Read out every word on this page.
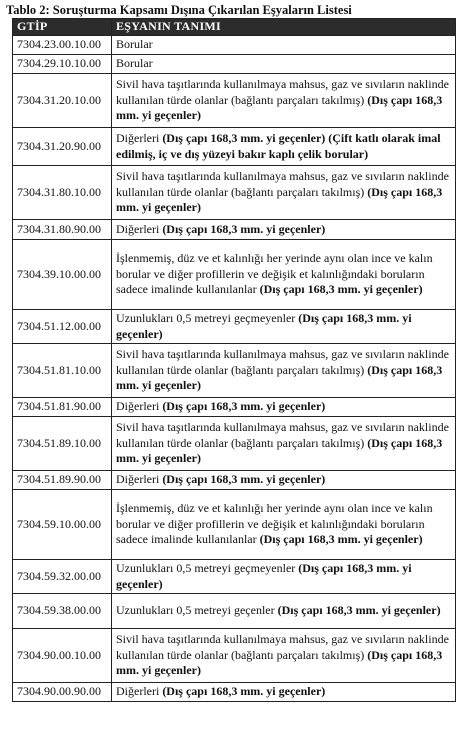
Tablo 2: Soruşturma Kapsamı Dışına Çıkarılan Eşyaların Listesi
GTİP	EŞYANIN TANIMI
7304.23.00.10.00	Borular
7304.29.10.10.00	Borular
7304.31.20.10.00	Sivil hava taşıtlarında kullanılmaya mahsus, gaz ve sıvıların naklinde kullanılan türde olanlar (bağlantı parçaları takılmış) (Dış çapı 168,3 mm. yi geçenler)
7304.31.20.90.00	Diğerleri (Dış çapı 168,3 mm. yi geçenler) (Çift katlı olarak imal edilmiş, iç ve dış yüzeyi bakır kaplı çelik borular)
7304.31.80.10.00	Sivil hava taşıtlarında kullanılmaya mahsus, gaz ve sıvıların naklinde kullanılan türde olanlar (bağlantı parçaları takılmış) (Dış çapı 168,3 mm. yi geçenler)
7304.31.80.90.00	Diğerleri (Dış çapı 168,3 mm. yi geçenler)
7304.39.10.00.00	İşlenmemiş, düz ve et kalınlığı her yerinde aynı olan ince ve kalın borular ve diğer profillerin ve değişik et kalınlığındaki boruların sadece imalinde kullanılanlar (Dış çapı 168,3 mm. yi geçenler)
7304.51.12.00.00	Uzunlukları 0,5 metreyi geçmeyenler (Dış çapı 168,3 mm. yi geçenler)
7304.51.81.10.00	Sivil hava taşıtlarında kullanılmaya mahsus, gaz ve sıvıların naklinde kullanılan türde olanlar (bağlantı parçaları takılmış) (Dış çapı 168,3 mm. yi geçenler)
7304.51.81.90.00	Diğerleri (Dış çapı 168,3 mm. yi geçenler)
7304.51.89.10.00	Sivil hava taşıtlarında kullanılmaya mahsus, gaz ve sıvıların naklinde kullanılan türde olanlar (bağlantı parçaları takılmış) (Dış çapı 168,3 mm. yi geçenler)
7304.51.89.90.00	Diğerleri (Dış çapı 168,3 mm. yi geçenler)
7304.59.10.00.00	İşlenmemiş, düz ve et kalınlığı her yerinde aynı olan ince ve kalın borular ve diğer profillerin ve değişik et kalınlığındaki boruların sadece imalinde kullanılanlar (Dış çapı 168,3 mm. yi geçenler)
7304.59.32.00.00	Uzunlukları 0,5 metreyi geçmeyenler (Dış çapı 168,3 mm. yi geçenler)
7304.59.38.00.00	Uzunlukları 0,5 metreyi geçenler (Dış çapı 168,3 mm. yi geçenler)
7304.90.00.10.00	Sivil hava taşıtlarında kullanılmaya mahsus, gaz ve sıvıların naklinde kullanılan türde olanlar (bağlantı parçaları takılmış) (Dış çapı 168,3 mm. yi geçenler)
7304.90.00.90.00	Diğerleri (Dış çapı 168,3 mm. yi geçenler)
